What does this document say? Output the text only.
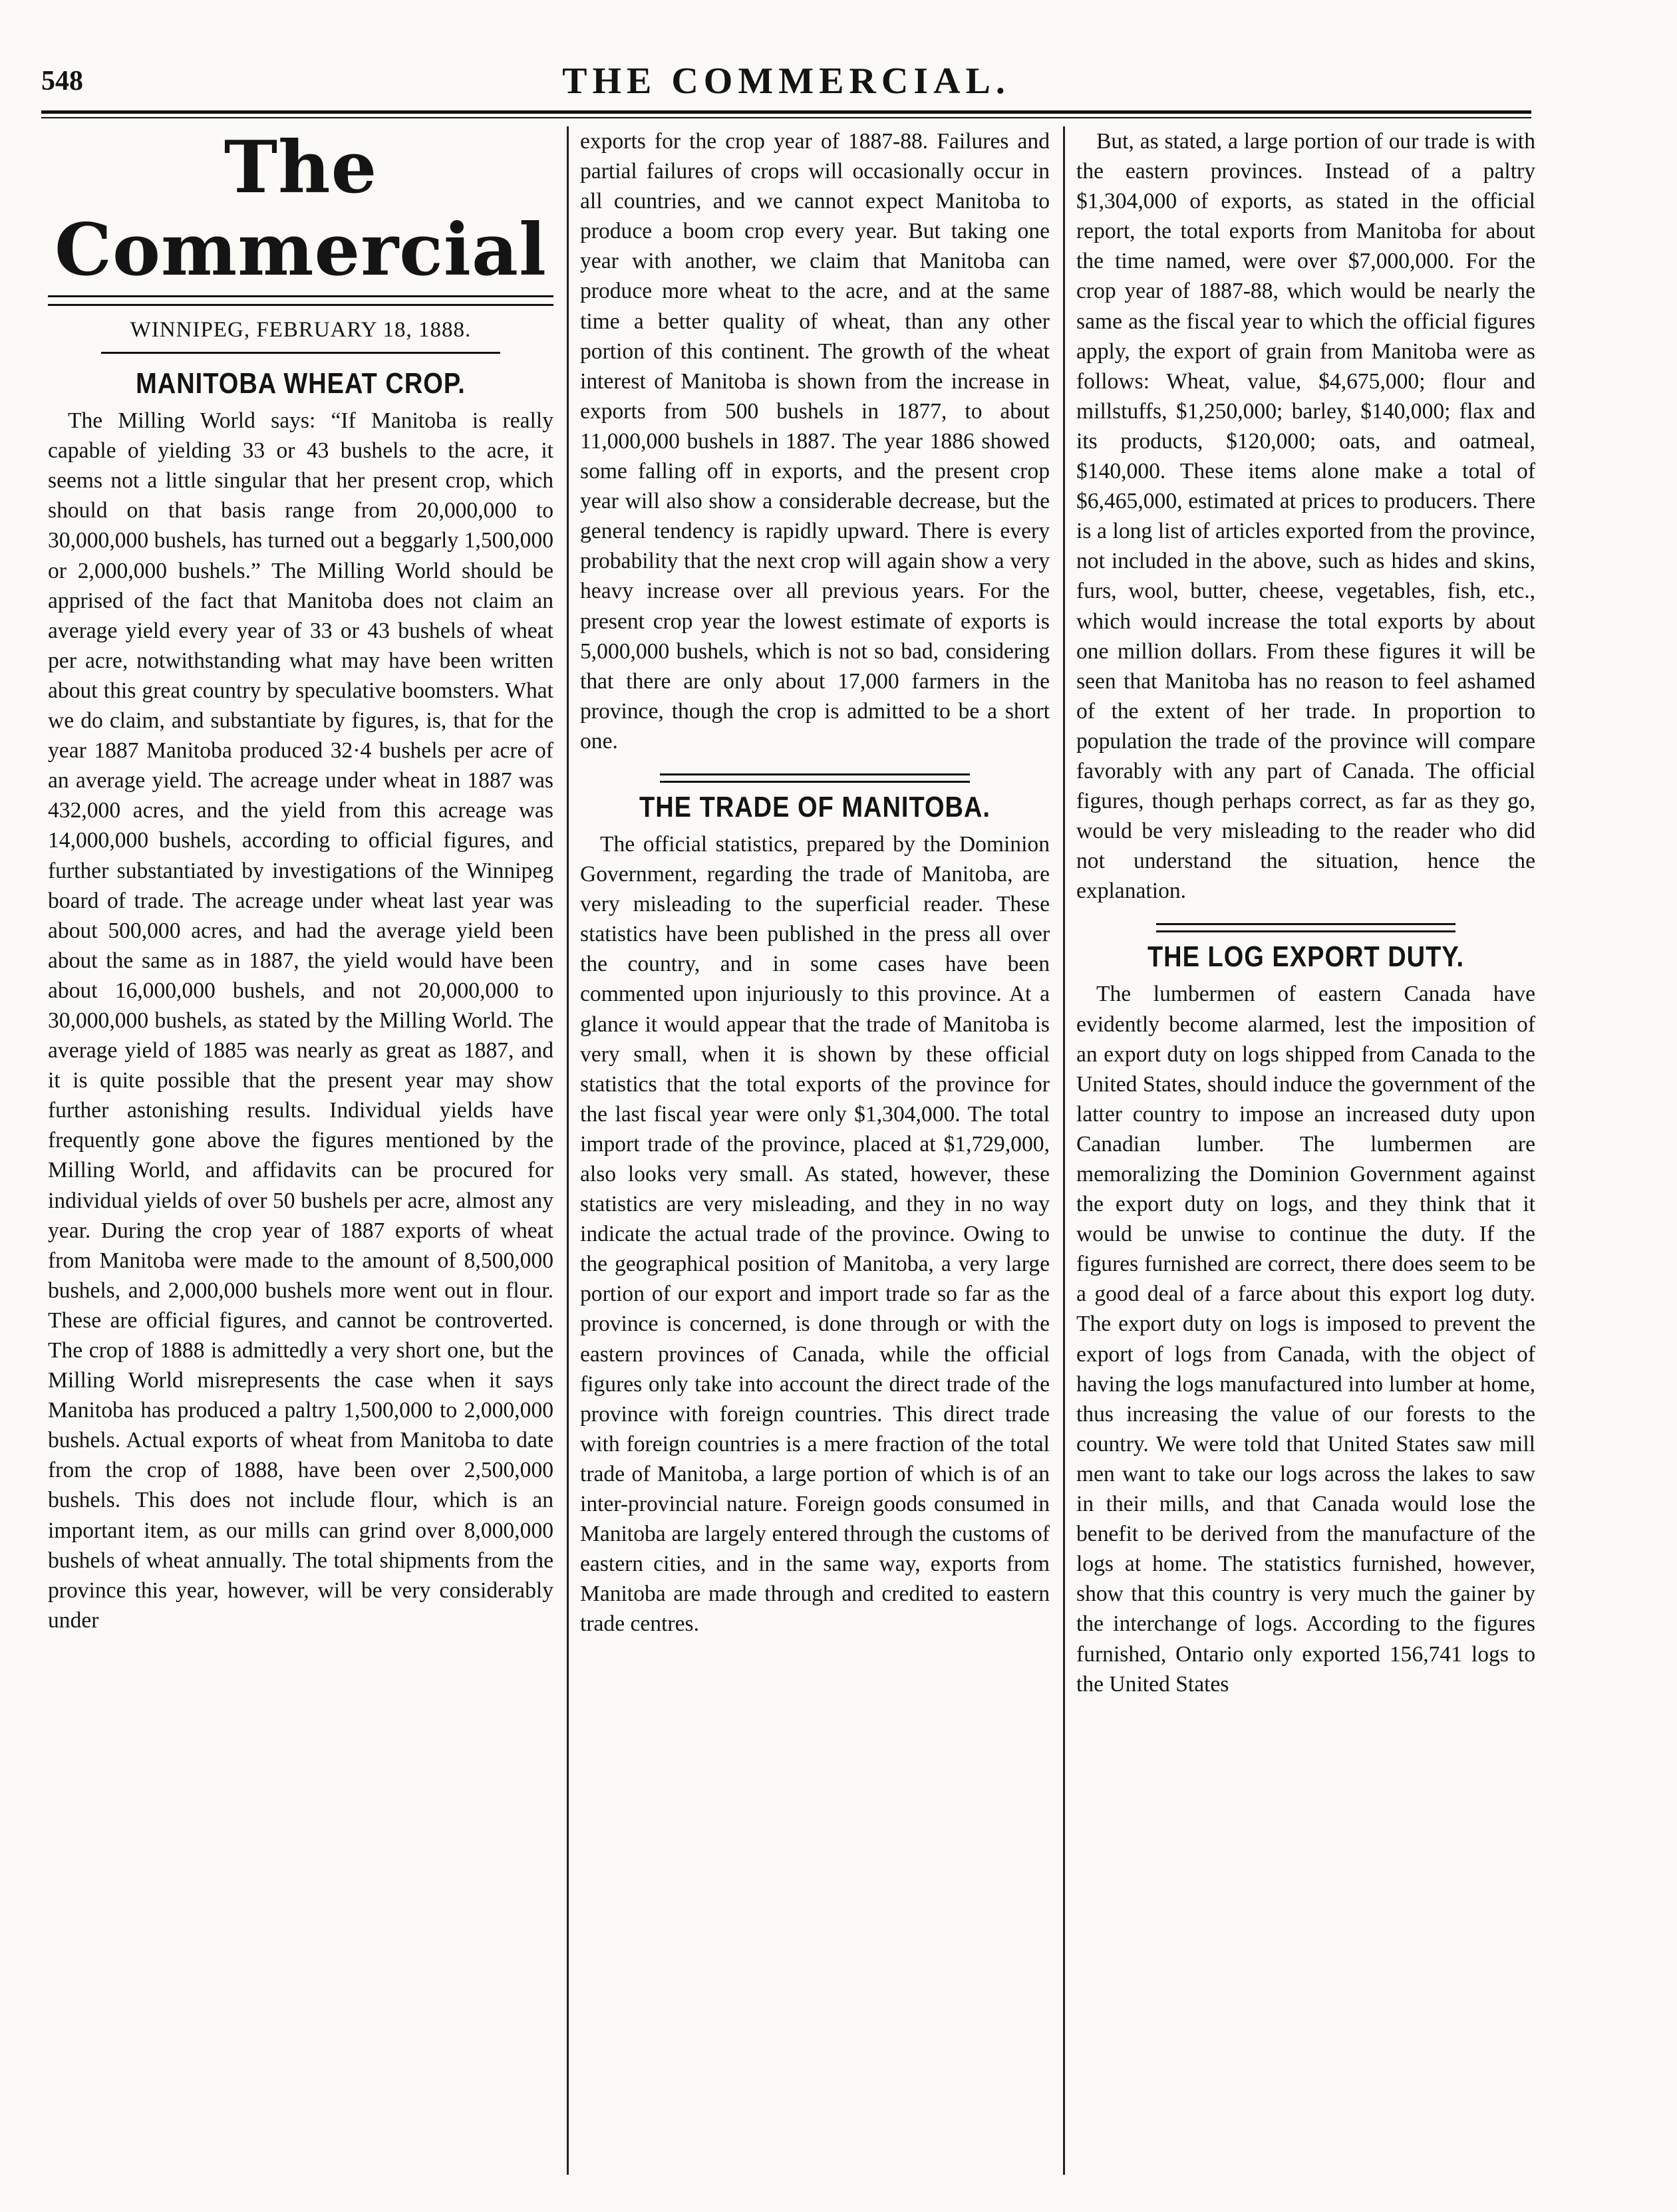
548	THE COMMERCIAL.
The Commercial
WINNIPEG, FEBRUARY 18, 1888.
MANITOBA WHEAT CROP.

The Milling World says: “If Manitoba is really capable of yielding 33 or 43 bushels to the acre, it seems not a little singular that her present crop, which should on that basis range from 20,000,000 to 30,000,000 bushels, has turned out a beggarly 1,500,000 or 2,000,000 bushels.” The Milling World should be apprised of the fact that Manitoba does not claim an average yield every year of 33 or 43 bushels of wheat per acre, notwithstanding what may have been written about this great country by speculative boomsters. What we do claim, and substantiate by figures, is, that for the year 1887 Manitoba produced 32·4 bushels per acre of an average yield. The acreage under wheat in 1887 was 432,000 acres, and the yield from this acreage was 14,000,000 bushels, according to official figures, and further substantiated by investigations of the Winnipeg board of trade. The acreage under wheat last year was about 500,000 acres, and had the average yield been about the same as in 1887, the yield would have been about 16,000,000 bushels, and not 20,000,000 to 30,000,000 bushels, as stated by the Milling World. The average yield of 1885 was nearly as great as 1887, and it is quite possible that the present year may show further astonishing results. Individual yields have frequently gone above the figures mentioned by the Milling World, and affidavits can be procured for individual yields of over 50 bushels per acre, almost any year. During the crop year of 1887 exports of wheat from Manitoba were made to the amount of 8,500,000 bushels, and 2,000,000 bushels more went out in flour. These are official figures, and cannot be controverted. The crop of 1888 is admittedly a very short one, but the Milling World misrepresents the case when it says Manitoba has produced a paltry 1,500,000 to 2,000,000 bushels. Actual exports of wheat from Manitoba to date from the crop of 1888, have been over 2,500,000 bushels. This does not include flour, which is an important item, as our mills can grind over 8,000,000 bushels of wheat annually. The total shipments from the province this year, however, will be very considerably under

exports for the crop year of 1887-88. Failures and partial failures of crops will occasionally occur in all countries, and we cannot expect Manitoba to produce a boom crop every year. But taking one year with another, we claim that Manitoba can produce more wheat to the acre, and at the same time a better quality of wheat, than any other portion of this continent. The growth of the wheat interest of Manitoba is shown from the increase in exports from 500 bushels in 1877, to about 11,000,000 bushels in 1887. The year 1886 showed some falling off in exports, and the present crop year will also show a considerable decrease, but the general tendency is rapidly upward. There is every probability that the next crop will again show a very heavy increase over all previous years. For the present crop year the lowest estimate of exports is 5,000,000 bushels, which is not so bad, considering that there are only about 17,000 farmers in the province, though the crop is admitted to be a short one.

THE TRADE OF MANITOBA.

The official statistics, prepared by the Dominion Government, regarding the trade of Manitoba, are very misleading to the superficial reader. These statistics have been published in the press all over the country, and in some cases have been commented upon injuriously to this province. At a glance it would appear that the trade of Manitoba is very small, when it is shown by these official statistics that the total exports of the province for the last fiscal year were only $1,304,000. The total import trade of the province, placed at $1,729,000, also looks very small. As stated, however, these statistics are very misleading, and they in no way indicate the actual trade of the province. Owing to the geographical position of Manitoba, a very large portion of our export and import trade so far as the province is concerned, is done through or with the eastern provinces of Canada, while the official figures only take into account the direct trade of the province with foreign countries. This direct trade with foreign countries is a mere fraction of the total trade of Manitoba, a large portion of which is of an inter-provincial nature. Foreign goods consumed in Manitoba are largely entered through the customs of eastern cities, and in the same way, exports from Manitoba are made through and credited to eastern trade centres.

But, as stated, a large portion of our trade is with the eastern provinces. Instead of a paltry $1,304,000 of exports, as stated in the official report, the total exports from Manitoba for about the time named, were over $7,000,000. For the crop year of 1887-88, which would be nearly the same as the fiscal year to which the official figures apply, the export of grain from Manitoba were as follows: Wheat, value, $4,675,000; flour and millstuffs, $1,250,000; barley, $140,000; flax and its products, $120,000; oats, and oatmeal, $140,000. These items alone make a total of $6,465,000, estimated at prices to producers. There is a long list of articles exported from the province, not included in the above, such as hides and skins, furs, wool, butter, cheese, vegetables, fish, etc., which would increase the total exports by about one million dollars. From these figures it will be seen that Manitoba has no reason to feel ashamed of the extent of her trade. In proportion to population the trade of the province will compare favorably with any part of Canada. The official figures, though perhaps correct, as far as they go, would be very misleading to the reader who did not understand the situation, hence the explanation.

THE LOG EXPORT DUTY.

The lumbermen of eastern Canada have evidently become alarmed, lest the imposition of an export duty on logs shipped from Canada to the United States, should induce the government of the latter country to impose an increased duty upon Canadian lumber. The lumbermen are memoralizing the Dominion Government against the export duty on logs, and they think that it would be unwise to continue the duty. If the figures furnished are correct, there does seem to be a good deal of a farce about this export log duty. The export duty on logs is imposed to prevent the export of logs from Canada, with the object of having the logs manufactured into lumber at home, thus increasing the value of our forests to the country. We were told that United States saw mill men want to take our logs across the lakes to saw in their mills, and that Canada would lose the benefit to be derived from the manufacture of the logs at home. The statistics furnished, however, show that this country is very much the gainer by the interchange of logs. According to the figures furnished, Ontario only exported 156,741 logs to the United States
